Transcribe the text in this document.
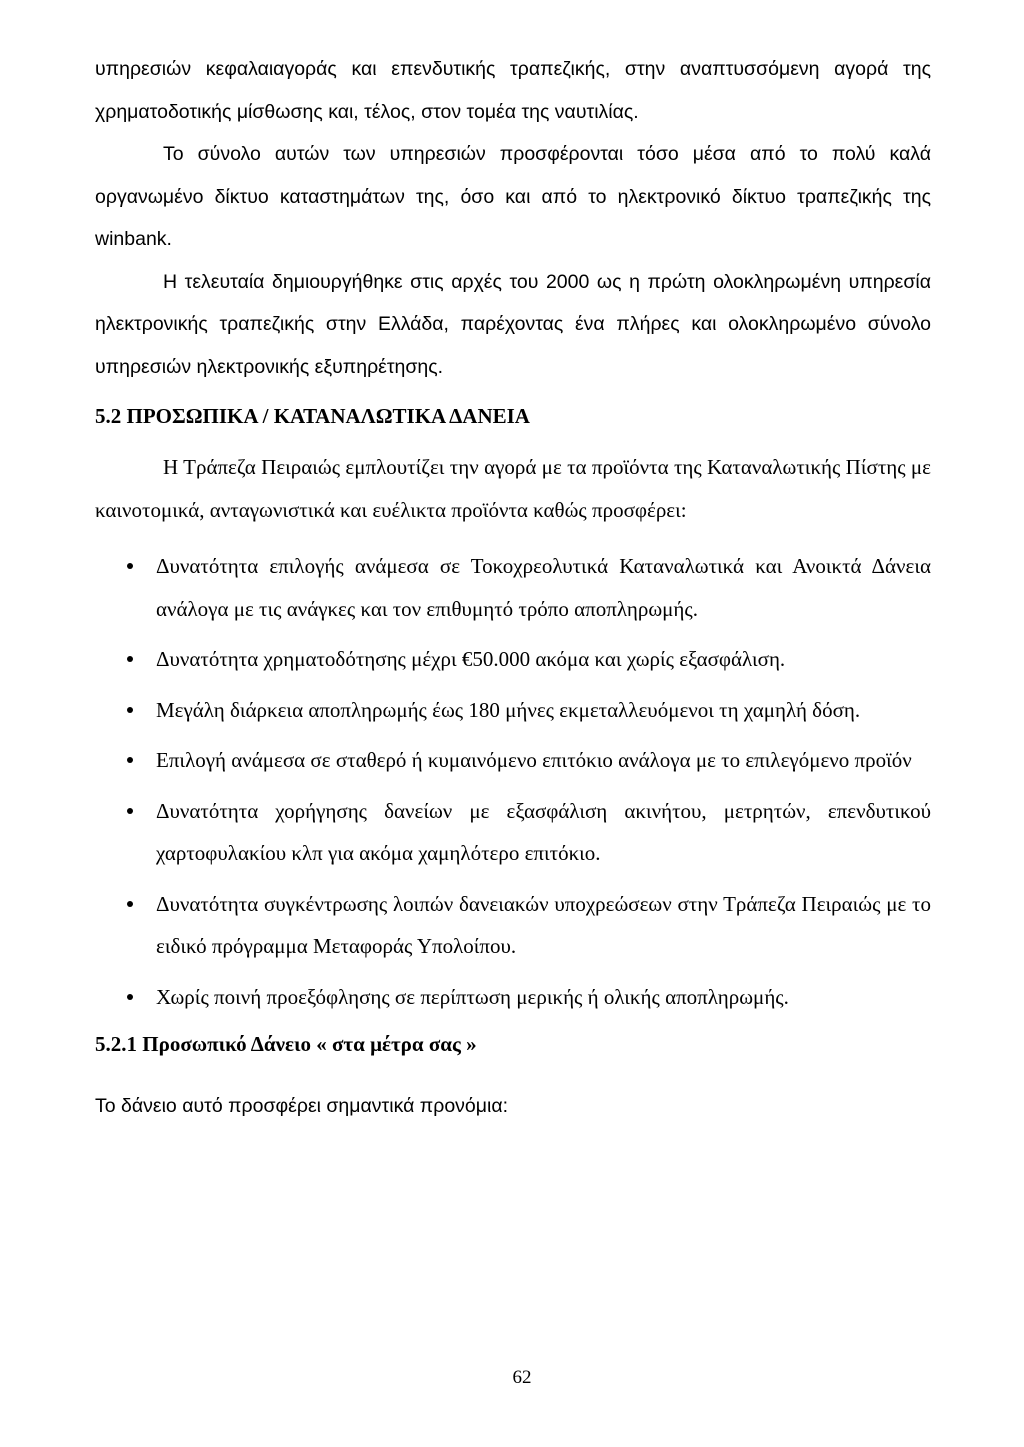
υπηρεσιών κεφαλαιαγοράς και επενδυτικής τραπεζικής, στην αναπτυσσόμενη αγορά της χρηματοδοτικής μίσθωσης και, τέλος, στον τομέα της ναυτιλίας.

Το σύνολο αυτών των υπηρεσιών προσφέρονται τόσο μέσα από το πολύ καλά οργανωμένο δίκτυο καταστημάτων της, όσο και από το ηλεκτρονικό δίκτυο τραπεζικής της winbank.

Η τελευταία δημιουργήθηκε στις αρχές του 2000 ως η πρώτη ολοκληρωμένη υπηρεσία ηλεκτρονικής τραπεζικής στην Ελλάδα, παρέχοντας ένα πλήρες και ολοκληρωμένο σύνολο υπηρεσιών ηλεκτρονικής εξυπηρέτησης.

5.2 ΠΡΟΣΩΠΙΚΑ / ΚΑΤΑΝΑΛΩΤΙΚΑ ΔΑΝΕΙΑ

Η Τράπεζα Πειραιώς εμπλουτίζει την αγορά με τα προϊόντα της Καταναλωτικής Πίστης με καινοτομικά, ανταγωνιστικά και ευέλικτα προϊόντα καθώς προσφέρει:

Δυνατότητα επιλογής ανάμεσα σε Τοκοχρεολυτικά Καταναλωτικά και Ανοικτά Δάνεια ανάλογα με τις ανάγκες και τον επιθυμητό τρόπο αποπληρωμής.
Δυνατότητα χρηματοδότησης μέχρι €50.000 ακόμα και χωρίς εξασφάλιση.
Μεγάλη διάρκεια αποπληρωμής έως 180 μήνες εκμεταλλευόμενοι τη χαμηλή δόση.
Επιλογή ανάμεσα σε σταθερό ή κυμαινόμενο επιτόκιο ανάλογα με το επιλεγόμενο προϊόν
Δυνατότητα χορήγησης δανείων με εξασφάλιση ακινήτου, μετρητών, επενδυτικού χαρτοφυλακίου κλπ για ακόμα χαμηλότερο επιτόκιο.
Δυνατότητα συγκέντρωσης λοιπών δανειακών υποχρεώσεων στην Τράπεζα Πειραιώς με το ειδικό πρόγραμμα Μεταφοράς Υπολοίπου.
Χωρίς ποινή προεξόφλησης σε περίπτωση μερικής ή ολικής αποπληρωμής.
5.2.1 Προσωπικό Δάνειο « στα μέτρα σας »

Το δάνειο αυτό προσφέρει σημαντικά προνόμια:

62
